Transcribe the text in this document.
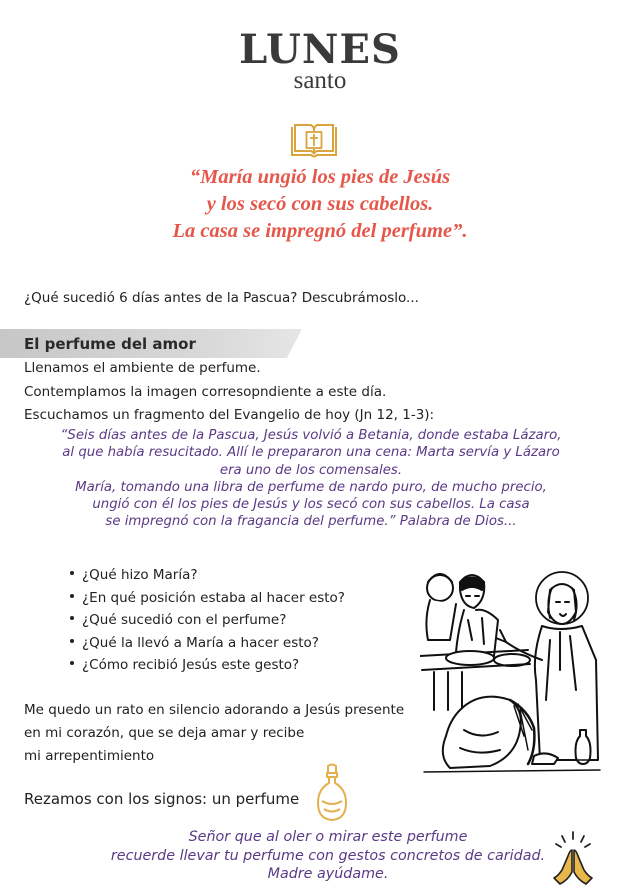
LUNES
santo
“María ungió los pies de Jesús
y los secó con sus cabellos.
La casa se impregnó del perfume”.
¿Qué sucedió 6 días antes de la Pascua? Descubrámoslo...
El perfume del amor
Llenamos el ambiente de perfume.
Contemplamos la imagen corresopndiente a este día.
Escuchamos un fragmento del Evangelio de hoy (Jn 12, 1-3):
“Seis días antes de la Pascua, Jesús volvió a Betania, donde estaba Lázaro,
al que había resucitado. Allí le prepararon una cena: Marta servía y Lázaro
era uno de los comensales.
María, tomando una libra de perfume de nardo puro, de mucho precio,
ungió con él los pies de Jesús y los secó con sus cabellos. La casa
se impregnó con la fragancia del perfume.” Palabra de Dios...
¿Qué hizo María?
¿En qué posición estaba al hacer esto?
¿Qué sucedió con el perfume?
¿Qué la llevó a María a hacer esto?
¿Cómo recibió Jesús este gesto?
Me quedo un rato en silencio adorando a Jesús presente
en mi corazón, que se deja amar y recibe
mi arrepentimiento
Rezamos con los signos: un perfume
Señor que al oler o mirar este perfume
recuerde llevar tu perfume con gestos concretos de caridad.
Madre ayúdame.
